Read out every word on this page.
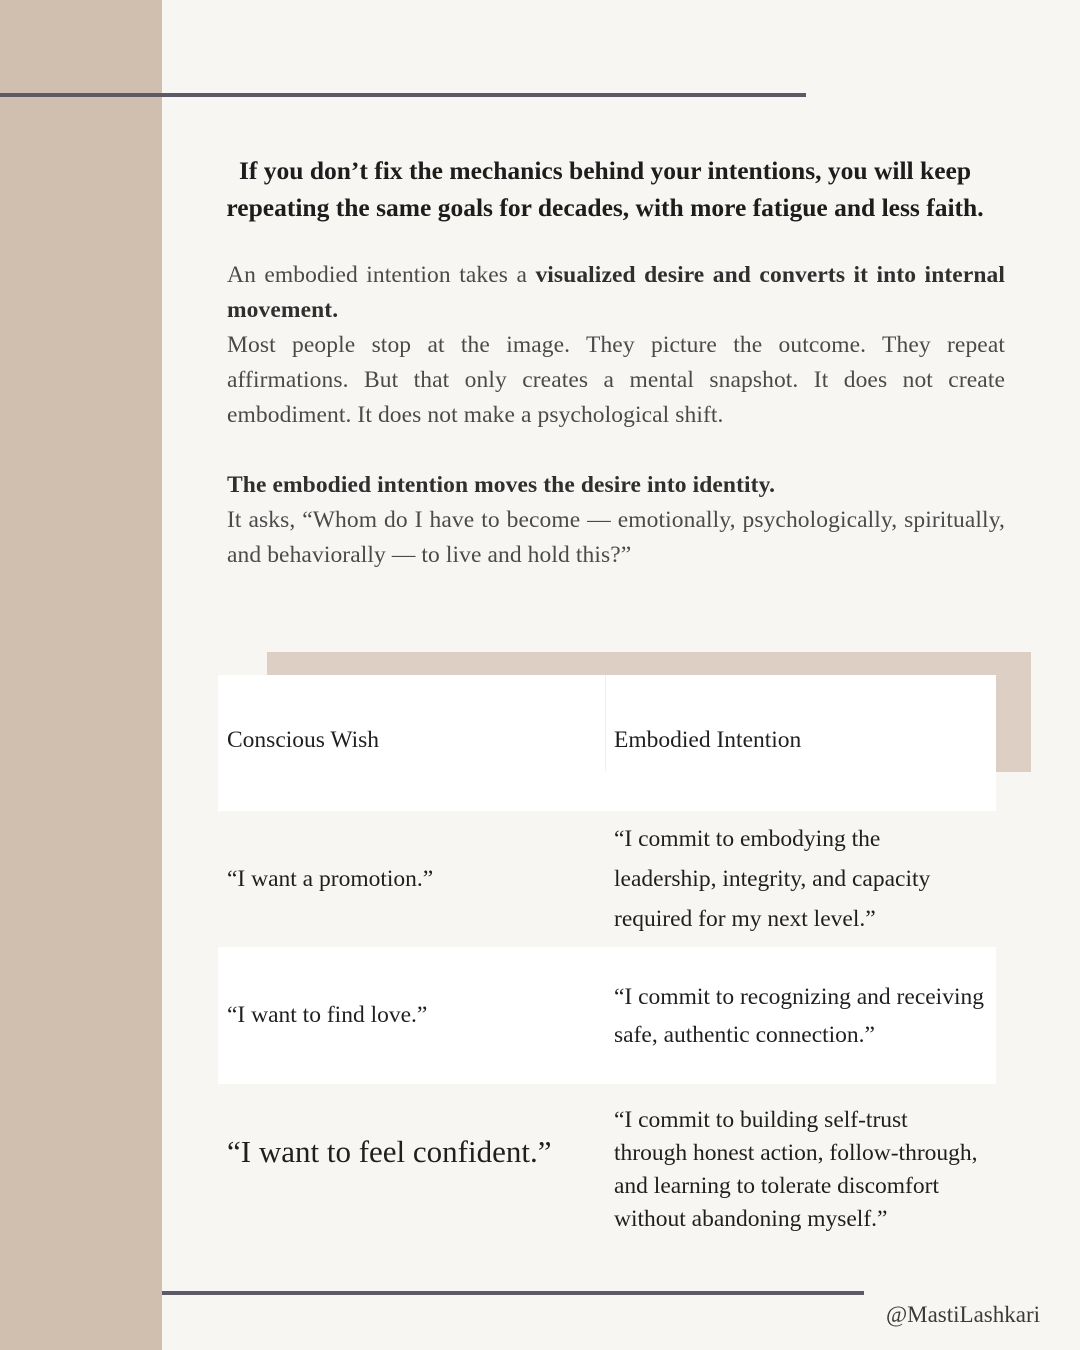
If you don’t fix the mechanics behind your intentions, you will keep
repeating the same goals for decades, with more fatigue and less faith.

An embodied intention takes a visualized desire and converts it into internal movement.

Most people stop at the image. They picture the outcome. They repeat affirmations. But that only creates a mental snapshot. It does not create embodiment. It does not make a psychological shift.

The embodied intention moves the desire into identity.

It asks, “Whom do I have to become — emotionally, psychologically, spiritually, and behaviorally — to live and hold this?”

Conscious Wish	Embodied Intention
“I want a promotion.”
“I commit to embodying the leadership, integrity, and capacity required for my next level.”
“I want to find love.”
“I commit to recognizing and receiving safe, authentic connection.”
“I want to feel confident.”
“I commit to building self-trust through honest action, follow-through, and learning to tolerate discomfort without abandoning myself.”
@MastiLashkari
